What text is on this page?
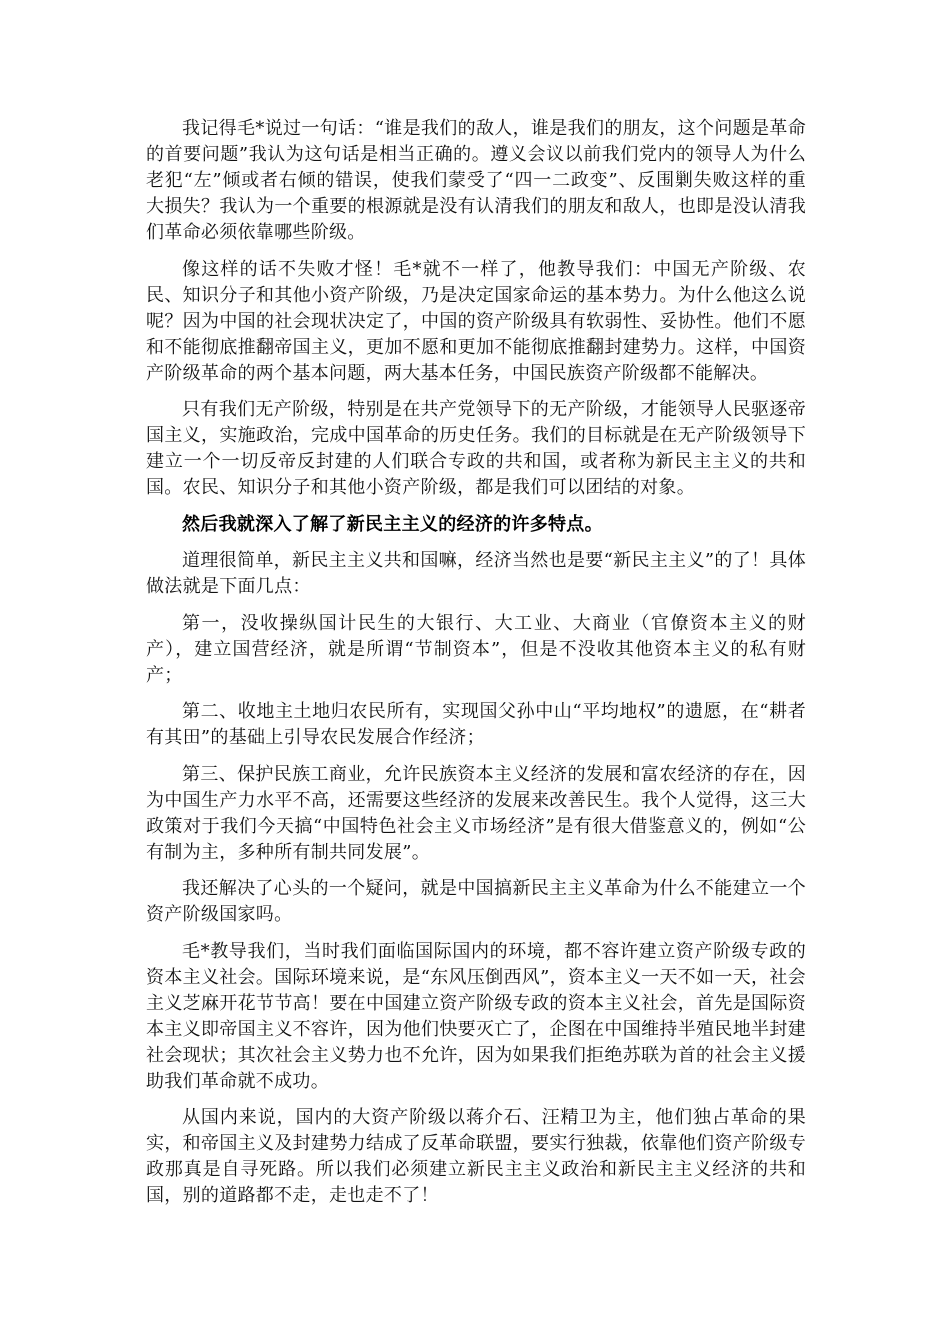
我记得毛*说过一句话：“谁是我们的敌人，谁是我们的朋友，这个问题是革命的首要问题”我认为这句话是相当正确的。遵义会议以前我们党内的领导人为什么老犯“左”倾或者右倾的错误，使我们蒙受了“四一二政变”、反围剿失败这样的重大损失？我认为一个重要的根源就是没有认清我们的朋友和敌人，也即是没认清我们革命必须依靠哪些阶级。

像这样的话不失败才怪！毛*就不一样了，他教导我们：中国无产阶级、农民、知识分子和其他小资产阶级，乃是决定国家命运的基本势力。为什么他这么说呢？因为中国的社会现状决定了，中国的资产阶级具有软弱性、妥协性。他们不愿和不能彻底推翻帝国主义，更加不愿和更加不能彻底推翻封建势力。这样，中国资产阶级革命的两个基本问题，两大基本任务，中国民族资产阶级都不能解决。

只有我们无产阶级，特别是在共产党领导下的无产阶级，才能领导人民驱逐帝国主义，实施政治，完成中国革命的历史任务。我们的目标就是在无产阶级领导下建立一个一切反帝反封建的人们联合专政的共和国，或者称为新民主主义的共和国。农民、知识分子和其他小资产阶级，都是我们可以团结的对象。

然后我就深入了解了新民主主义的经济的许多特点。

道理很简单，新民主主义共和国嘛，经济当然也是要“新民主主义”的了！具体做法就是下面几点：

第一，没收操纵国计民生的大银行、大工业、大商业（官僚资本主义的财产），建立国营经济，就是所谓“节制资本”，但是不没收其他资本主义的私有财产；

第二、收地主土地归农民所有，实现国父孙中山“平均地权”的遗愿，在“耕者有其田”的基础上引导农民发展合作经济；

第三、保护民族工商业，允许民族资本主义经济的发展和富农经济的存在，因为中国生产力水平不高，还需要这些经济的发展来改善民生。我个人觉得，这三大政策对于我们今天搞“中国特色社会主义市场经济”是有很大借鉴意义的，例如“公有制为主，多种所有制共同发展”。

我还解决了心头的一个疑问，就是中国搞新民主主义革命为什么不能建立一个资产阶级国家吗。

毛*教导我们，当时我们面临国际国内的环境，都不容许建立资产阶级专政的资本主义社会。国际环境来说，是“东风压倒西风”，资本主义一天不如一天，社会主义芝麻开花节节高！要在中国建立资产阶级专政的资本主义社会，首先是国际资本主义即帝国主义不容许，因为他们快要灭亡了，企图在中国维持半殖民地半封建社会现状；其次社会主义势力也不允许，因为如果我们拒绝苏联为首的社会主义援助我们革命就不成功。

从国内来说，国内的大资产阶级以蒋介石、汪精卫为主，他们独占革命的果实，和帝国主义及封建势力结成了反革命联盟，要实行独裁，依靠他们资产阶级专政那真是自寻死路。所以我们必须建立新民主主义政治和新民主主义经济的共和国，别的道路都不走，走也走不了！
